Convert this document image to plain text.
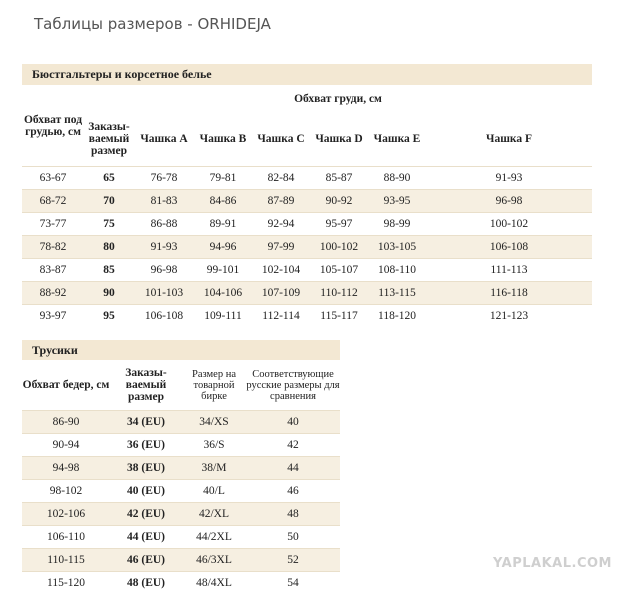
Таблицы размеров - ORHIDEJA
Бюстгальтеры и корсетное белье
Обхват под грудью, см	Обхват груди, см						
	Заказы-ваемый размер	Чашка A	Чашка B	Чашка C	Чашка D	Чашка E	Чашка F
63-67	65	76-78	79-81	82-84	85-87	88-90	91-93
68-72	70	81-83	84-86	87-89	90-92	93-95	96-98
73-77	75	86-88	89-91	92-94	95-97	98-99	100-102
78-82	80	91-93	94-96	97-99	100-102	103-105	106-108
83-87	85	96-98	99-101	102-104	105-107	108-110	111-113
88-92	90	101-103	104-106	107-109	110-112	113-115	116-118
93-97	95	106-108	109-111	112-114	115-117	118-120	121-123
Трусики			
Обхват бедер, см	Заказы-ваемый размер	Размер на товарной бирке	Соответствующие русские размеры для сравнения
86-90	34 (EU)	34/XS	40
90-94	36 (EU)	36/S	42
94-98	38 (EU)	38/M	44
98-102	40 (EU)	40/L	46
102-106	42 (EU)	42/XL	48
106-110	44 (EU)	44/2XL	50
110-115	46 (EU)	46/3XL	52
115-120	48 (EU)	48/4XL	54
YAPLAKAL.COM
